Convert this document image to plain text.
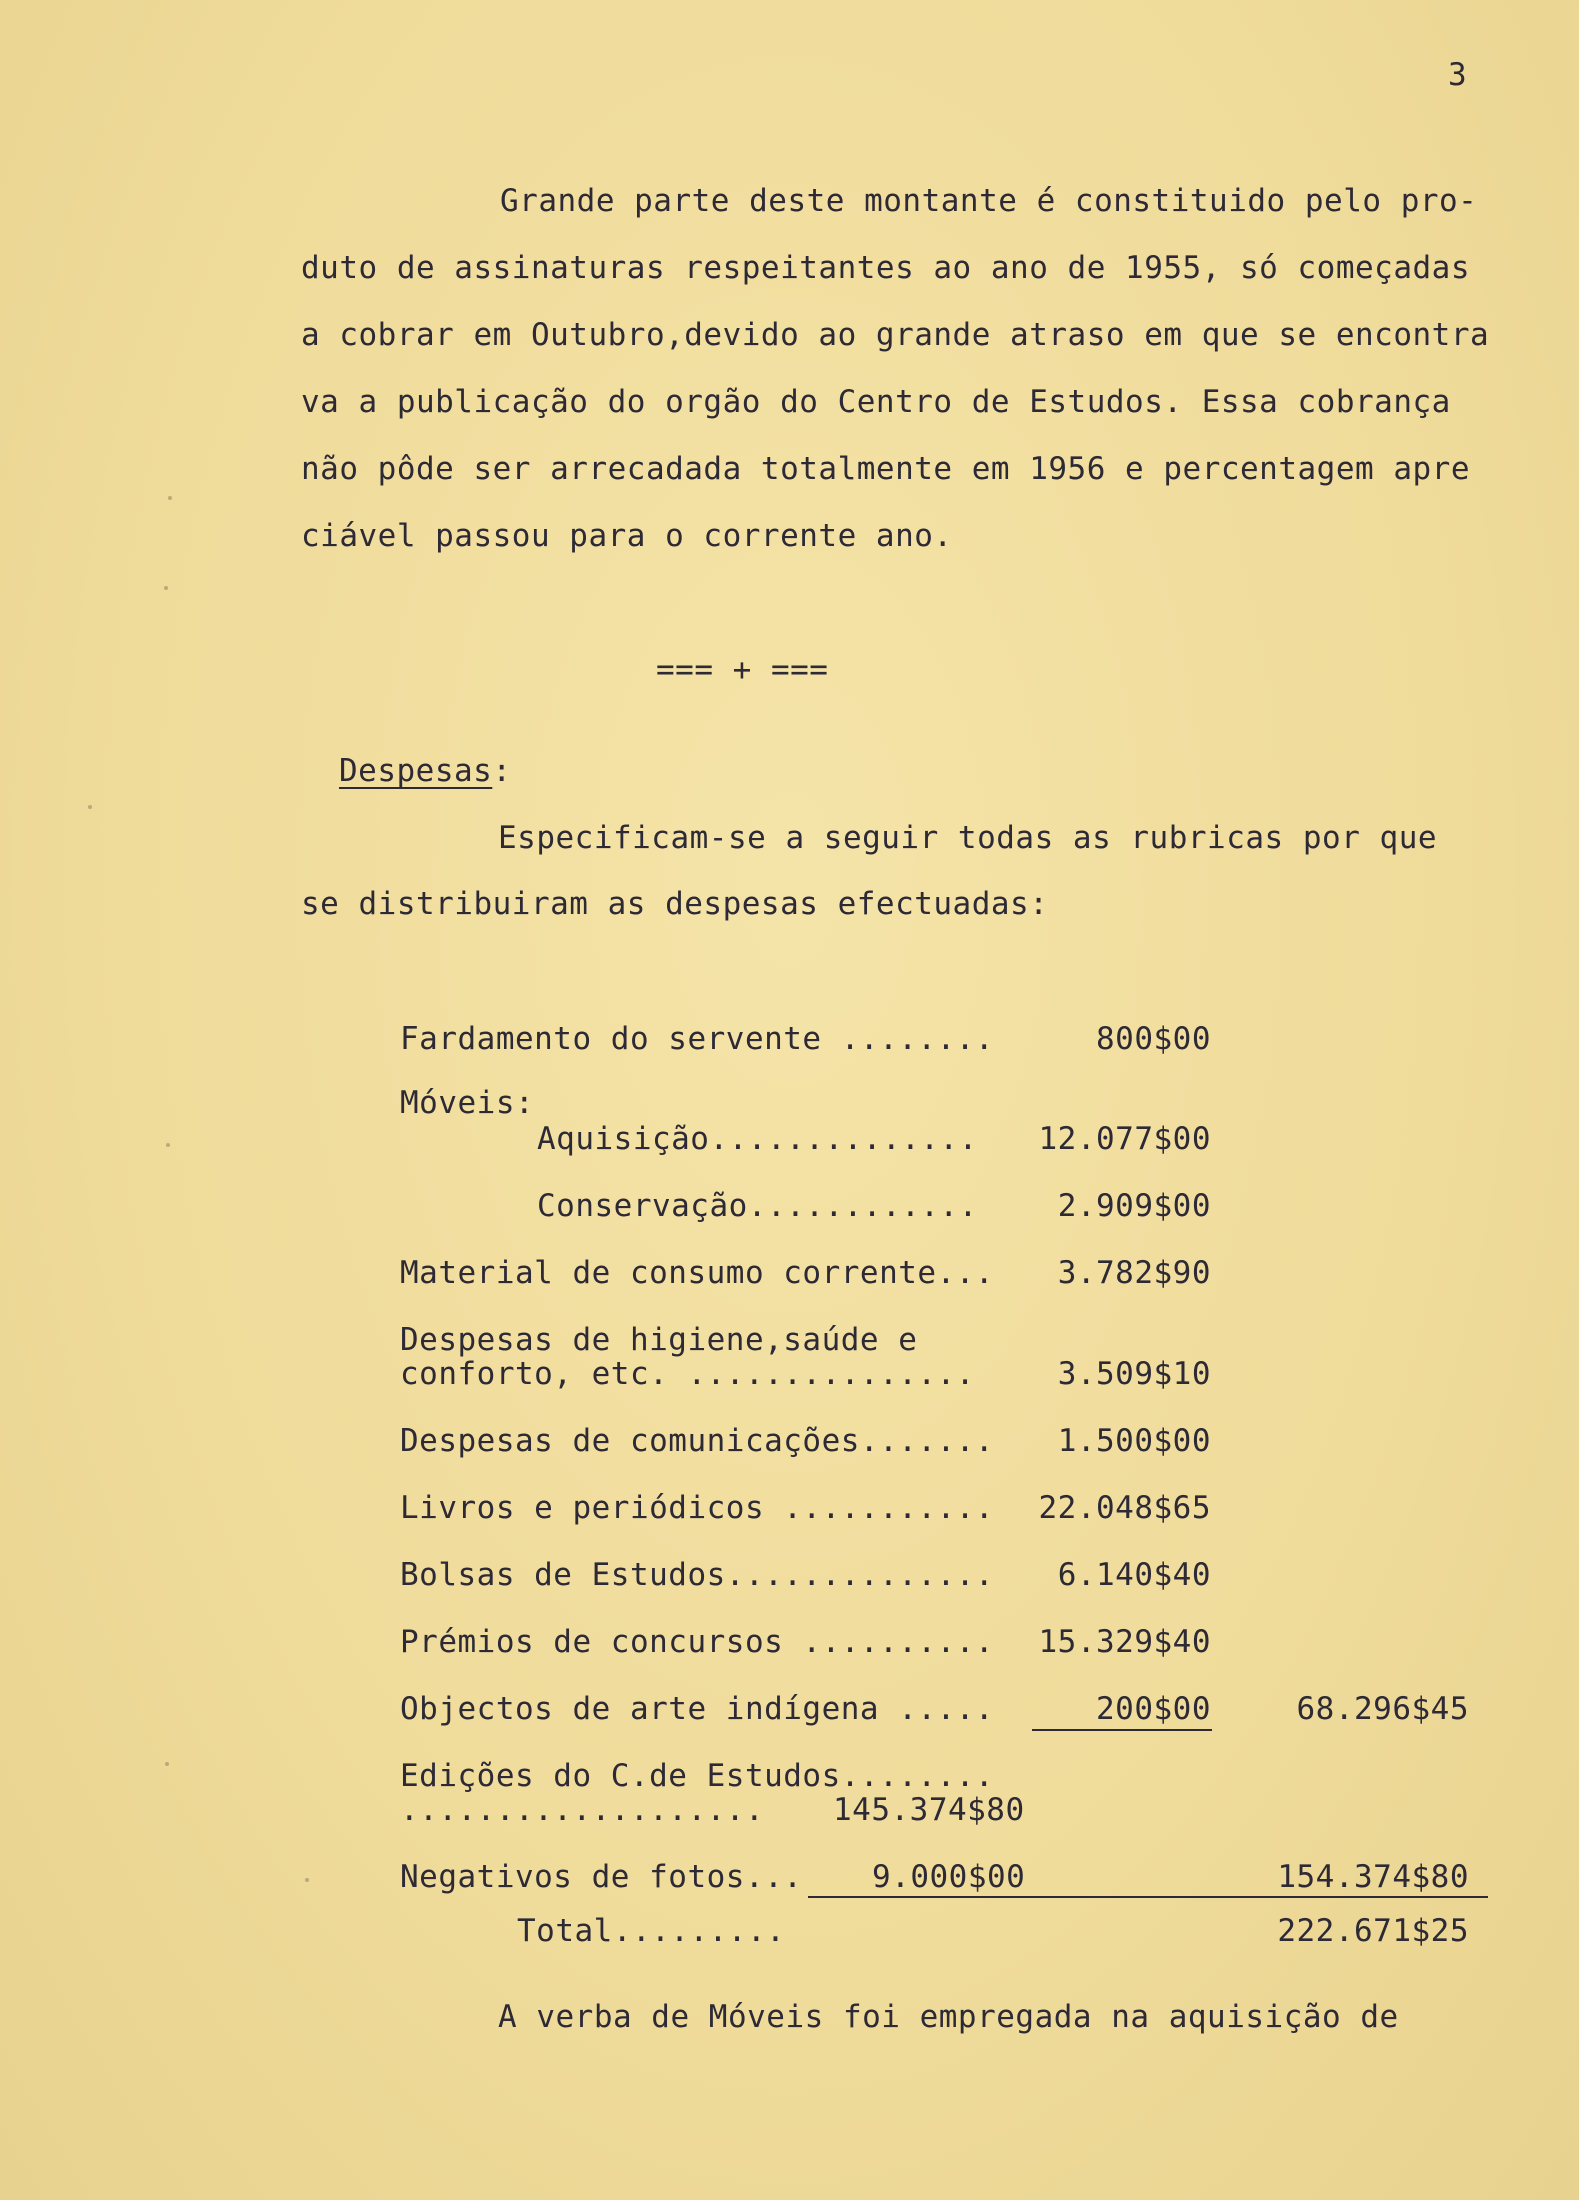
3
Grande parte deste montante é constituido pelo pro-
duto de assinaturas respeitantes ao ano de 1955, só começadas
a cobrar em Outubro,devido ao grande atraso em que se encontra
va a publicação do orgão do Centro de Estudos. Essa cobrança
não pôde ser arrecadada totalmente em 1956 e percentagem apre
ciável passou para o corrente ano.
=== + ===
Despesas:
Especificam-se a seguir todas as rubricas por que
se distribuiram as despesas efectuadas:
Fardamento do servente ........	800$00
Móveis:
Aquisição.............. 12.077$00
Conservação............	2.909$00
Material de consumo corrente... 3.782$90
Despesas de higiene,saúde e
conforto, etc. ...............	3.509$10
Despesas de comunicações....... 1.500$00
Livros e periódicos ........... 22.048$65
Bolsas de Estudos.............. 6.140$40
Prémios de concursos .......... 15.329$40
Objectos de arte indígena .....	200$00	68.296$45
Edições do C.de Estudos........
................... 145.374$80
Negativos de fotos... 9.000$00	154.374$80
Total.........	222.671$25
A verba de Móveis foi empregada na aquisição de
